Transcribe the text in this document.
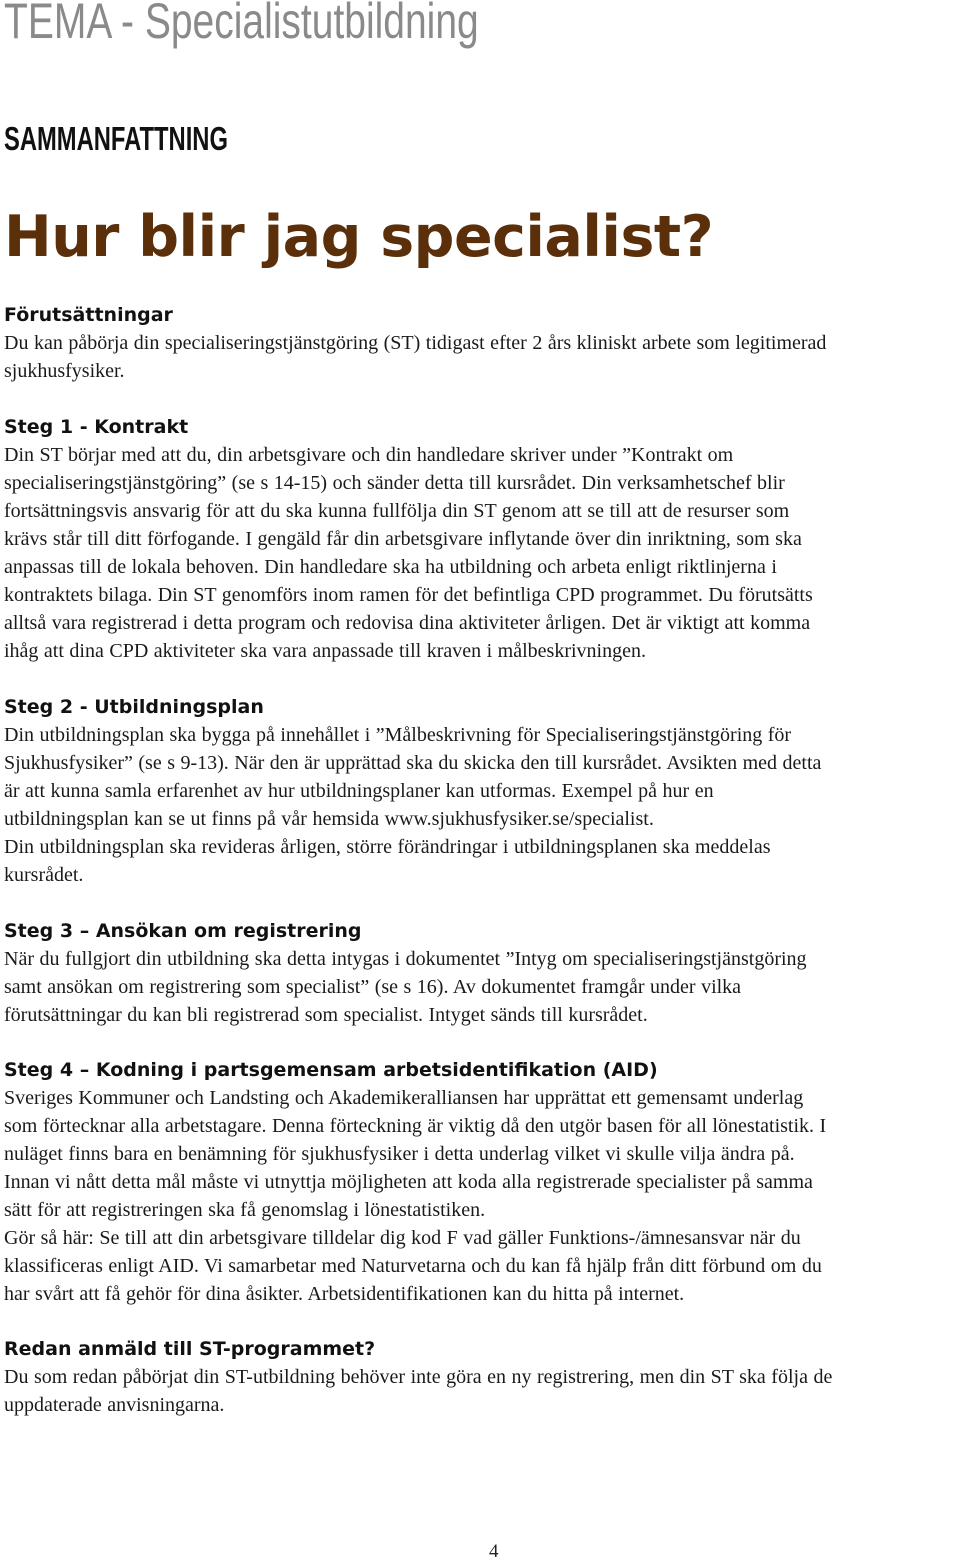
TEMA - Specialistutbildning
SAMMANFATTNING
Hur blir jag specialist?
Förutsättningar

Du kan påbörja din specialiseringstjänstgöring (ST) tidigast efter 2 års kliniskt arbete som legitimerad
sjukhusfysiker.

Steg 1 - Kontrakt

Din ST börjar med att du, din arbetsgivare och din handledare skriver under ”Kontrakt om
specialiseringstjänstgöring” (se s 14-15) och sänder detta till kursrådet. Din verksamhetschef blir
fortsättningsvis ansvarig för att du ska kunna fullfölja din ST genom att se till att de resurser som
krävs står till ditt förfogande. I gengäld får din arbetsgivare inflytande över din inriktning, som ska
anpassas till de lokala behoven. Din handledare ska ha utbildning och arbeta enligt riktlinjerna i
kontraktets bilaga. Din ST genomförs inom ramen för det befintliga CPD programmet. Du förutsätts
alltså vara registrerad i detta program och redovisa dina aktiviteter årligen. Det är viktigt att komma
ihåg att dina CPD aktiviteter ska vara anpassade till kraven i målbeskrivningen.

Steg 2 - Utbildningsplan

Din utbildningsplan ska bygga på innehållet i ”Målbeskrivning för Specialiseringstjänstgöring för
Sjukhusfysiker” (se s 9-13). När den är upprättad ska du skicka den till kursrådet. Avsikten med detta
är att kunna samla erfarenhet av hur utbildningsplaner kan utformas. Exempel på hur en
utbildningsplan kan se ut finns på vår hemsida www.sjukhusfysiker.se/specialist.
Din utbildningsplan ska revideras årligen, större förändringar i utbildningsplanen ska meddelas
kursrådet.

Steg 3 – Ansökan om registrering

När du fullgjort din utbildning ska detta intygas i dokumentet ”Intyg om specialiseringstjänstgöring
samt ansökan om registrering som specialist” (se s 16). Av dokumentet framgår under vilka
förutsättningar du kan bli registrerad som specialist. Intyget sänds till kursrådet.

Steg 4 – Kodning i partsgemensam arbetsidentifikation (AID)

Sveriges Kommuner och Landsting och Akademikeralliansen har upprättat ett gemensamt underlag
som förtecknar alla arbetstagare. Denna förteckning är viktig då den utgör basen för all lönestatistik. I
nuläget finns bara en benämning för sjukhusfysiker i detta underlag vilket vi skulle vilja ändra på.
Innan vi nått detta mål måste vi utnyttja möjligheten att koda alla registrerade specialister på samma
sätt för att registreringen ska få genomslag i lönestatistiken.
Gör så här: Se till att din arbetsgivare tilldelar dig kod F vad gäller Funktions-/ämnesansvar när du
klassificeras enligt AID. Vi samarbetar med Naturvetarna och du kan få hjälp från ditt förbund om du
har svårt att få gehör för dina åsikter. Arbetsidentifikationen kan du hitta på internet.

Redan anmäld till ST-programmet?

Du som redan påbörjat din ST-utbildning behöver inte göra en ny registrering, men din ST ska följa de
uppdaterade anvisningarna.

4
